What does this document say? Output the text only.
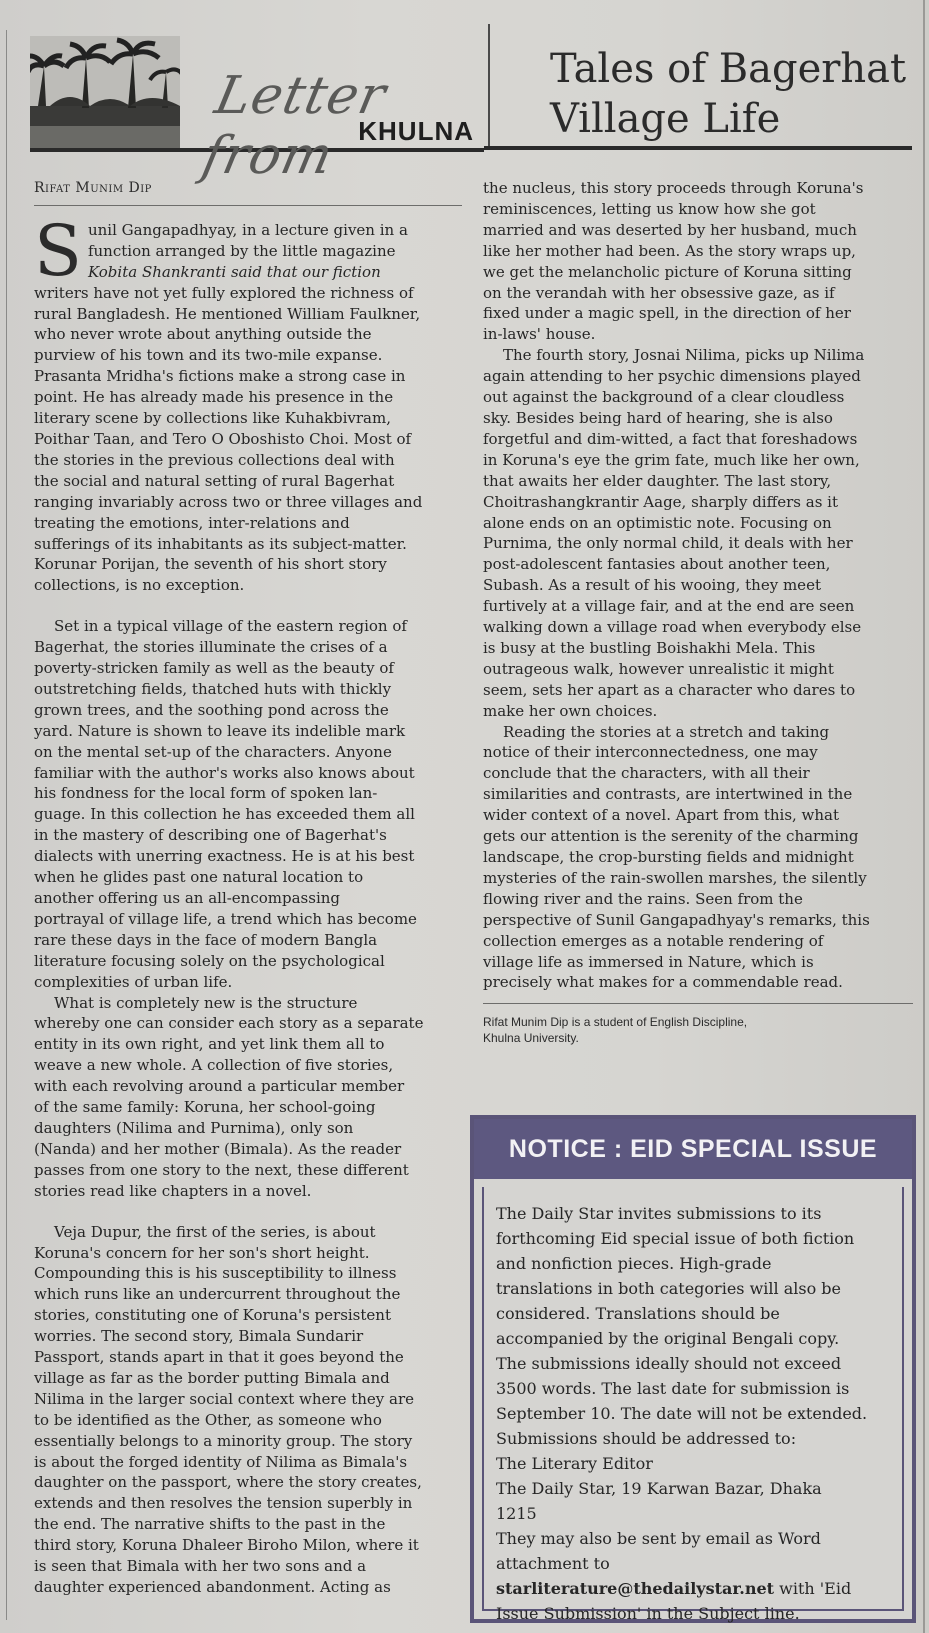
Letter from KHULNA
Tales of Bagerhat
Village Life
Rifat Munim Dip

S unil Gangapadhyay, in a lecture given in a
function arranged by the little magazine
Kobita Shankranti said that our fiction
writers have not yet fully explored the richness of
rural Bangladesh. He mentioned William Faulkner,
who never wrote about anything outside the
purview of his town and its two-mile expanse.
Prasanta Mridha's fictions make a strong case in
point. He has already made his presence in the
literary scene by collections like Kuhakbivram,
Poithar Taan, and Tero O Oboshisto Choi. Most of
the stories in the previous collections deal with
the social and natural setting of rural Bagerhat
ranging invariably across two or three villages and
treating the emotions, inter-relations and
sufferings of its inhabitants as its subject-matter.
Korunar Porijan, the seventh of his short story
collections, is no exception.

Set in a typical village of the eastern region of
Bagerhat, the stories illuminate the crises of a
poverty-stricken family as well as the beauty of
outstretching fields, thatched huts with thickly
grown trees, and the soothing pond across the
yard. Nature is shown to leave its indelible mark
on the mental set-up of the characters. Anyone
familiar with the author's works also knows about
his fondness for the local form of spoken lan-
guage. In this collection he has exceeded them all
in the mastery of describing one of Bagerhat's
dialects with unerring exactness. He is at his best
when he glides past one natural location to
another offering us an all-encompassing
portrayal of village life, a trend which has become
rare these days in the face of modern Bangla
literature focusing solely on the psychological
complexities of urban life.

What is completely new is the structure
whereby one can consider each story as a separate
entity in its own right, and yet link them all to
weave a new whole. A collection of five stories,
with each revolving around a particular member
of the same family: Koruna, her school-going
daughters (Nilima and Purnima), only son
(Nanda) and her mother (Bimala). As the reader
passes from one story to the next, these different
stories read like chapters in a novel.

Veja Dupur, the first of the series, is about
Koruna's concern for her son's short height.
Compounding this is his susceptibility to illness
which runs like an undercurrent throughout the
stories, constituting one of Koruna's persistent
worries. The second story, Bimala Sundarir
Passport, stands apart in that it goes beyond the
village as far as the border putting Bimala and
Nilima in the larger social context where they are
to be identified as the Other, as someone who
essentially belongs to a minority group. The story
is about the forged identity of Nilima as Bimala's
daughter on the passport, where the story creates,
extends and then resolves the tension superbly in
the end. The narrative shifts to the past in the
third story, Koruna Dhaleer Biroho Milon, where it
is seen that Bimala with her two sons and a
daughter experienced abandonment. Acting as

the nucleus, this story proceeds through Koruna's
reminiscences, letting us know how she got
married and was deserted by her husband, much
like her mother had been. As the story wraps up,
we get the melancholic picture of Koruna sitting
on the verandah with her obsessive gaze, as if
fixed under a magic spell, in the direction of her
in-laws' house.

The fourth story, Josnai Nilima, picks up Nilima
again attending to her psychic dimensions played
out against the background of a clear cloudless
sky. Besides being hard of hearing, she is also
forgetful and dim-witted, a fact that foreshadows
in Koruna's eye the grim fate, much like her own,
that awaits her elder daughter. The last story,
Choitrashangkrantir Aage, sharply differs as it
alone ends on an optimistic note. Focusing on
Purnima, the only normal child, it deals with her
post-adolescent fantasies about another teen,
Subash. As a result of his wooing, they meet
furtively at a village fair, and at the end are seen
walking down a village road when everybody else
is busy at the bustling Boishakhi Mela. This
outrageous walk, however unrealistic it might
seem, sets her apart as a character who dares to
make her own choices.

Reading the stories at a stretch and taking
notice of their interconnectedness, one may
conclude that the characters, with all their
similarities and contrasts, are intertwined in the
wider context of a novel. Apart from this, what
gets our attention is the serenity of the charming
landscape, the crop-bursting fields and midnight
mysteries of the rain-swollen marshes, the silently
flowing river and the rains. Seen from the
perspective of Sunil Gangapadhyay's remarks, this
collection emerges as a notable rendering of
village life as immersed in Nature, which is
precisely what makes for a commendable read.

Rifat Munim Dip is a student of English Discipline,
Khulna University.
NOTICE : EID SPECIAL ISSUE
The Daily Star invites submissions to its
forthcoming Eid special issue of both fiction
and nonfiction pieces. High-grade
translations in both categories will also be
considered. Translations should be
accompanied by the original Bengali copy.
The submissions ideally should not exceed
3500 words. The last date for submission is
September 10. The date will not be extended.
Submissions should be addressed to:
The Literary Editor
The Daily Star, 19 Karwan Bazar, Dhaka
1215
They may also be sent by email as Word
attachment to
starliterature@thedailystar.net with 'Eid
Issue Submission' in the Subject line.
